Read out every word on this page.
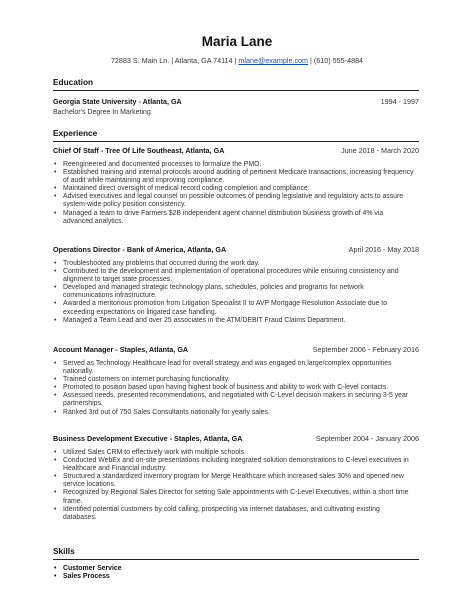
Maria Lane
72883 S. Main Ln. | Atlanta, GA 74114 | mlane@example.com | (610) 555-4884
Education
Georgia State University - Atlanta, GA	1994 - 1997
Bachelor's Degree In Marketing
Experience
Chief Of Staff - Tree Of Life Southeast, Atlanta, GA	June 2018 - March 2020
• Reengineered and documented processes to formalize the PMO.
• Established training and internal protocols around auditing of pertinent Medicare transactions, increasing frequency of audit while maintaining and improving compliance.
• Maintained direct oversight of medical record coding completion and compliance.
• Advised executives and legal counsel on possible outcomes of pending legislative and regulatory acts to assure system-wide policy position consistency.
• Managed a team to drive Farmers $2B independent agent channel distribution business growth of 4% via advanced analytics.
Operations Director - Bank of America, Atlanta, GA	April 2016 - May 2018
• Troubleshooted any problems that occurred during the work day.
• Contributed to the development and implementation of operational procedures while ensuring consistency and alignment to target state processes.
• Developed and managed strategic technology plans, schedules, policies and programs for network communications infrastructure.
• Awarded a meritorious promotion from Litigation Specialist II to AVP Mortgage Resolution Associate due to exceeding expectations on litigated case handling.
• Managed a Team Lead and over 25 associates in the ATM/DEBIT Fraud Claims Department.
Account Manager - Staples, Atlanta, GA	September 2006 - February 2016
• Served as Technology Healthcare lead for overall strategy and was engaged on large/complex opportunities nationally.
• Trained customers on internet purchasing functionality.
• Promoted to position based upon having highest book of business and ability to work with C-level contacts.
• Assessed needs, presented recommendations, and negotiated with C-Level decision makers in securing 3-5 year partnerships.
• Ranked 3rd out of 750 Sales Consultants nationally for yearly sales.
Business Development Executive - Staples, Atlanta, GA	September 2004 - January 2006
• Utilized Sales CRM to effectively work with multiple schools.
• Conducted WebEx and on-site presentations including integrated solution demonstrations to C-level executives in Healthcare and Financial industry.
• Structured a standardized inventory program for Merge Healthcare which increased sales 30% and opened new service locations.
• Recognized by Regional Sales Director for setting Sale appointments with C-Level Executives, within a short time frame.
• Identified potential customers by cold calling, prospecting via internet databases, and cultivating existing databases.
Skills
• Customer Service
• Sales Process
